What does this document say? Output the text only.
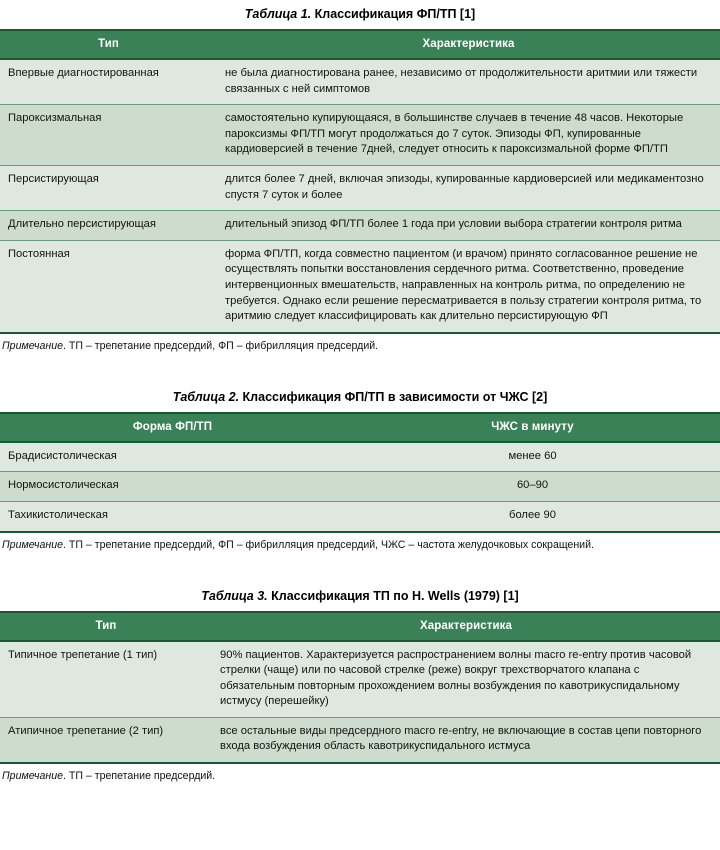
Таблица 1. Классификация ФП/ТП [1]
Тип	Характеристика
Впервые диагностированная	не была диагностирована ранее, независимо от продолжительности аритмии или тяжести связанных с ней симптомов
Пароксизмальная	самостоятельно купирующаяся, в большинстве случаев в течение 48 часов. Некоторые пароксизмы ФП/ТП могут продолжаться до 7 суток. Эпизоды ФП, купированные кардиоверсией в течение 7дней, следует относить к пароксизмальной форме ФП/ТП
Персистирующая	длится более 7 дней, включая эпизоды, купированные кардиоверсией или медикаментозно спустя 7 суток и более
Длительно персистирующая	длительный эпизод ФП/ТП более 1 года при условии выбора стратегии контроля ритма
Постоянная	форма ФП/ТП, когда совместно пациентом (и врачом) принято согласованное решение не осуществлять попытки восстановления сердечного ритма. Соответственно, проведение интервенционных вмешательств, направленных на контроль ритма, по определению не требуется. Однако если решение пересматривается в пользу стратегии контроля ритма, то аритмию следует классифицировать как длительно персистирующую ФП
Примечание. ТП – трепетание предсердий, ФП – фибрилляция предсердий.
Таблица 2. Классификация ФП/ТП в зависимости от ЧЖС [2]
Форма ФП/ТП	ЧЖС в минуту
Брадисистолическая	менее 60
Нормосистолическая	60–90
Тахикистолическая	более 90
Примечание. ТП – трепетание предсердий, ФП – фибрилляция предсердий, ЧЖС – частота желудочковых сокращений.
Таблица 3. Классификация ТП по H. Wells (1979) [1]
Тип	Характеристика
Типичное трепетание (1 тип)	90% пациентов. Характеризуется распространением волны macro re-entry против часовой стрелки (чаще) или по часовой стрелке (реже) вокруг трехстворчатого клапана с обязательным повторным прохождением волны возбуждения по кавотрикуспидальному истмусу (перешейку)
Атипичное трепетание (2 тип)	все остальные виды предсердного macro re-entry, не включающие в состав цепи повторного входа возбуждения область кавотрикуспидального истмуса
Примечание. ТП – трепетание предсердий.
